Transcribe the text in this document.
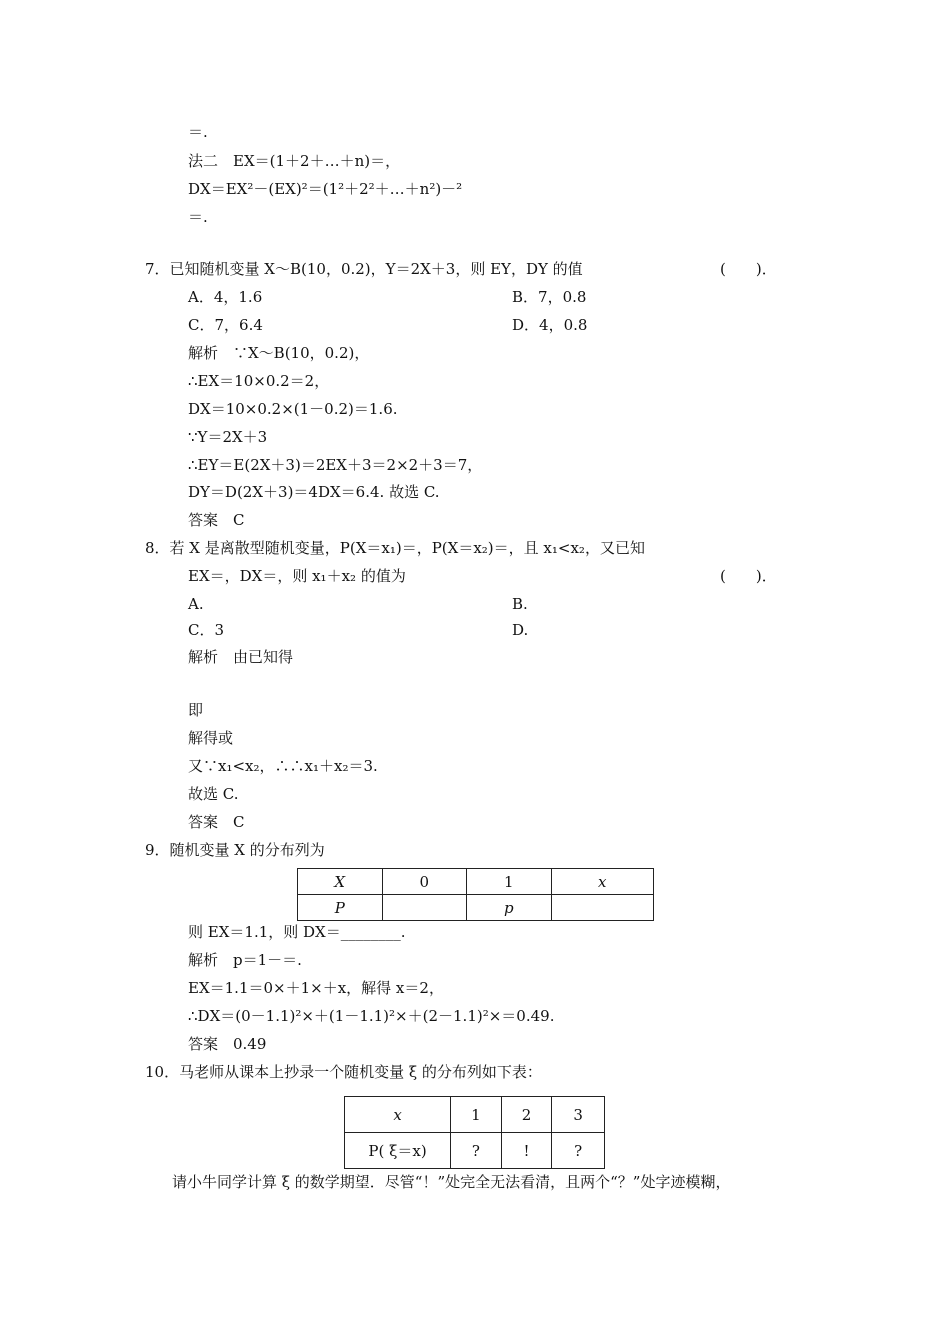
＝.
法二　EX＝(1＋2＋…＋n)＝，
DX＝EX²－(EX)²＝(1²＋2²＋…＋n²)－²
＝.
7．已知随机变量 X～B(10，0.2)，Y＝2X＋3，则 EY，DY 的值	(　　)．
A．4，1.6	B．7，0.8
C．7，6.4	D．4，0.8
解析　∵X～B(10，0.2)，
∴EX＝10×0.2＝2，
DX＝10×0.2×(1－0.2)＝1.6.
∵Y＝2X＋3
∴EY＝E(2X＋3)＝2EX＋3＝2×2＋3＝7，
DY＝D(2X＋3)＝4DX＝6.4. 故选 C.
答案　C
8．若 X 是离散型随机变量，P(X＝x₁)＝，P(X＝x₂)＝，且 x₁<x₂，又已知
EX＝，DX＝，则 x₁＋x₂ 的值为	(　　)．
A.	B.
C．3	D.
解析　由已知得
即
解得或
又∵x₁<x₂，∴∴x₁＋x₂＝3.
故选 C.
答案　C
9．随机变量 X 的分布列为
X	0	1	x
P		p	
则 EX＝1.1，则 DX＝________.
解析　p＝1－＝.
EX＝1.1＝0×＋1×＋x，解得 x＝2，
∴DX＝(0－1.1)²×＋(1－1.1)²×＋(2－1.1)²×＝0.49.
答案　0.49
10．马老师从课本上抄录一个随机变量 ξ 的分布列如下表：
x	1	2	3
P( ξ＝x)	?	!	?
请小牛同学计算 ξ 的数学期望．尽管“！”处完全无法看清，且两个“？”处字迹模糊，
